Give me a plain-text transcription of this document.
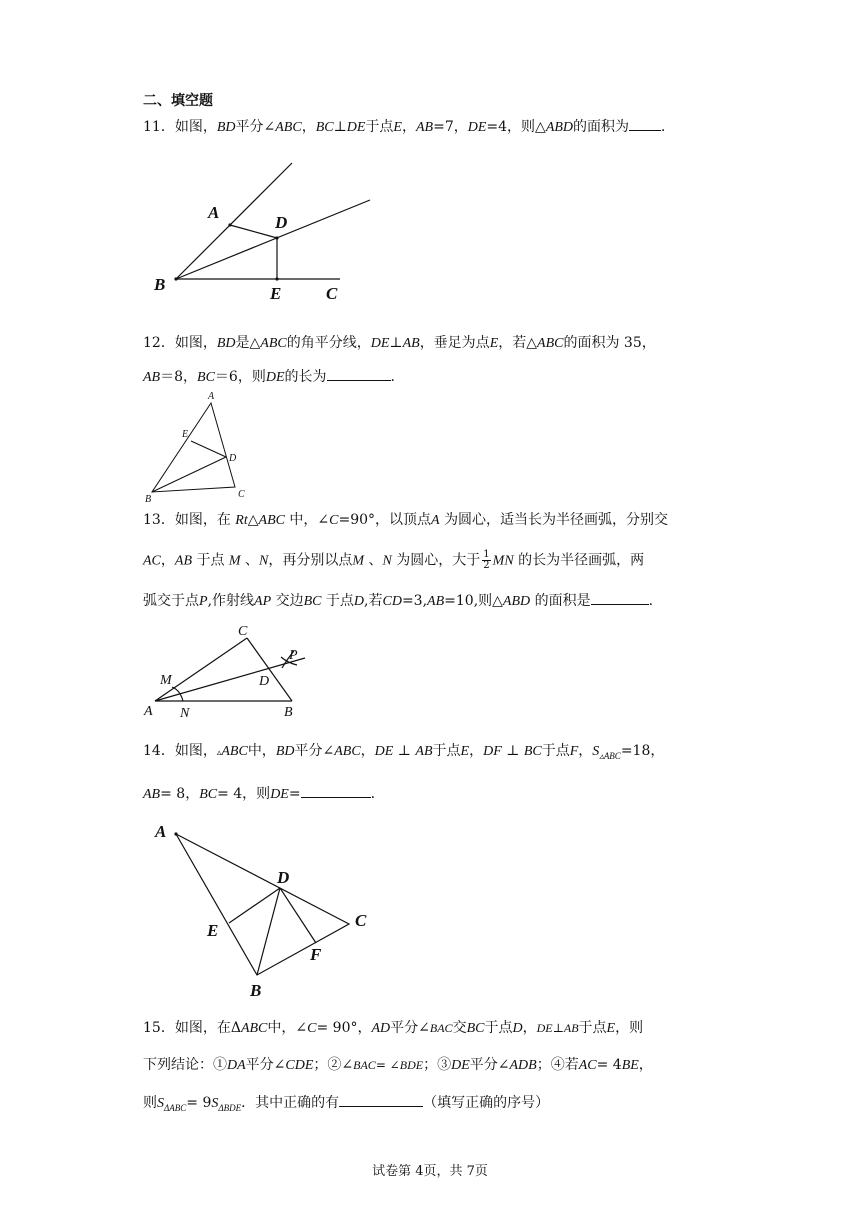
二、填空题
11．如图，BD平分∠ABC，BC⊥DE于点E，AB=7，DE=4，则△ABD的面积为 ．
A
D
B	E	C
12．如图，BD是△ABC的角平分线，DE⊥AB，垂足为点E，若△ABC的面积为 35，
AB＝8，BC＝6，则DE的长为	.
A
E
D
B	C
13．如图，在 Rt△ABC 中，∠C=90°，以顶点A 为圆心，适当长为半径画弧，分别交
AC，AB 于点 M 、N，再分别以点M 、N 为圆心，大于 $\frac{1}{2}$ MN 的长为半径画弧，两
弧交于点P,作射线AP 交边BC 于点D,若CD=3,AB=10,则△ABD 的面积是	.
C
P
M	D
A N	B
14．如图，▵ABC中，BD平分∠ABC，DE ⊥ AB于点E，DF ⊥ BC于点F，$S_{▵ABC}=18$，
AB= 8，BC= 4，则DE=	.
A
D
C
E
F
B
15．如图，在ΔABC中，∠C= 90°，AD平分∠BAC交BC于点D，DE⊥AB于点E，则
下列结论：①DA平分∠CDE；②∠BAC= ∠BDE；③DE平分∠ADB；④若AC= 4BE，
则$S_{\Delta ABC}= 9S_{\Delta BDE}$．其中正确的有	（填写正确的序号）
试卷第 4页，共 7页
